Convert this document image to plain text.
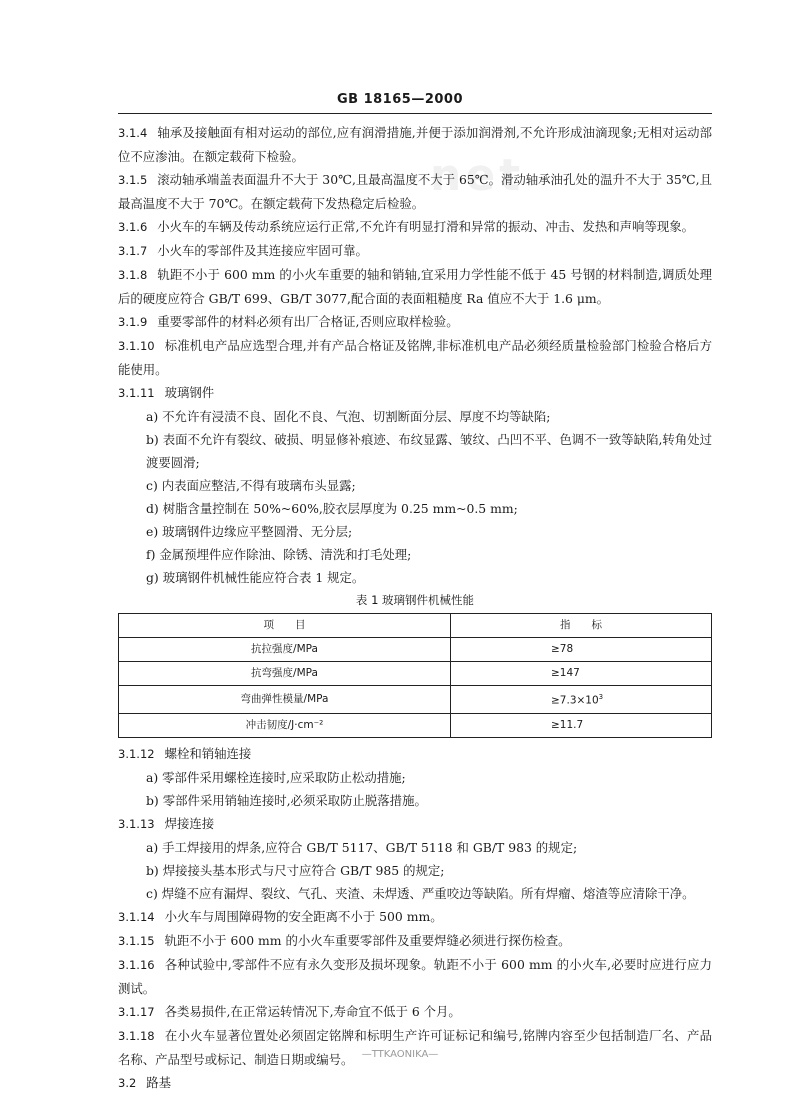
net
GB 18165—2000

3.1.4 轴承及接触面有相对运动的部位,应有润滑措施,并便于添加润滑剂,不允许形成油滴现象;无相对运动部位不应渗油。在额定载荷下检验。

3.1.5 滚动轴承端盖表面温升不大于 30℃,且最高温度不大于 65℃。滑动轴承油孔处的温升不大于 35℃,且最高温度不大于 70℃。在额定载荷下发热稳定后检验。

3.1.6 小火车的车辆及传动系统应运行正常,不允许有明显打滑和异常的振动、冲击、发热和声响等现象。

3.1.7 小火车的零部件及其连接应牢固可靠。

3.1.8 轨距不小于 600 mm 的小火车重要的轴和销轴,宜采用力学性能不低于 45 号钢的材料制造,调质处理后的硬度应符合 GB/T 699、GB/T 3077,配合面的表面粗糙度 Ra 值应不大于 1.6 μm。

3.1.9 重要零部件的材料必须有出厂合格证,否则应取样检验。

3.1.10 标准机电产品应选型合理,并有产品合格证及铭牌,非标准机电产品必须经质量检验部门检验合格后方能使用。

3.1.11 玻璃钢件

a) 不允许有浸渍不良、固化不良、气泡、切割断面分层、厚度不均等缺陷;

b) 表面不允许有裂纹、破损、明显修补痕迹、布纹显露、皱纹、凸凹不平、色调不一致等缺陷,转角处过渡要圆滑;

c) 内表面应整洁,不得有玻璃布头显露;

d) 树脂含量控制在 50%~60%,胶衣层厚度为 0.25 mm~0.5 mm;

e) 玻璃钢件边缘应平整圆滑、无分层;

f) 金属预埋件应作除油、除锈、清洗和打毛处理;

g) 玻璃钢件机械性能应符合表 1 规定。

表 1 玻璃钢件机械性能

项　　目	指　　标
抗拉强度/MPa	≥78
抗弯强度/MPa	≥147
弯曲弹性模量/MPa	$\ge 7.3\times 10^3$
冲击韧度/J·cm⁻²	≥11.7

3.1.12 螺栓和销轴连接

a) 零部件采用螺栓连接时,应采取防止松动措施;

b) 零部件采用销轴连接时,必须采取防止脱落措施。

3.1.13 焊接连接

a) 手工焊接用的焊条,应符合 GB/T 5117、GB/T 5118 和 GB/T 983 的规定;

b) 焊接接头基本形式与尺寸应符合 GB/T 985 的规定;

c) 焊缝不应有漏焊、裂纹、气孔、夹渣、未焊透、严重咬边等缺陷。所有焊瘤、熔渣等应清除干净。

3.1.14 小火车与周围障碍物的安全距离不小于 500 mm。

3.1.15 轨距不小于 600 mm 的小火车重要零部件及重要焊缝必须进行探伤检查。

3.1.16 各种试验中,零部件不应有永久变形及损坏现象。轨距不小于 600 mm 的小火车,必要时应进行应力测试。

3.1.17 各类易损件,在正常运转情况下,寿命宜不低于 6 个月。

3.1.18 在小火车显著位置处必须固定铭牌和标明生产许可证标记和编号,铭牌内容至少包括制造厂名、产品名称、产品型号或标记、制造日期或编号。

3.2 路基

—TTKAONIKA—
